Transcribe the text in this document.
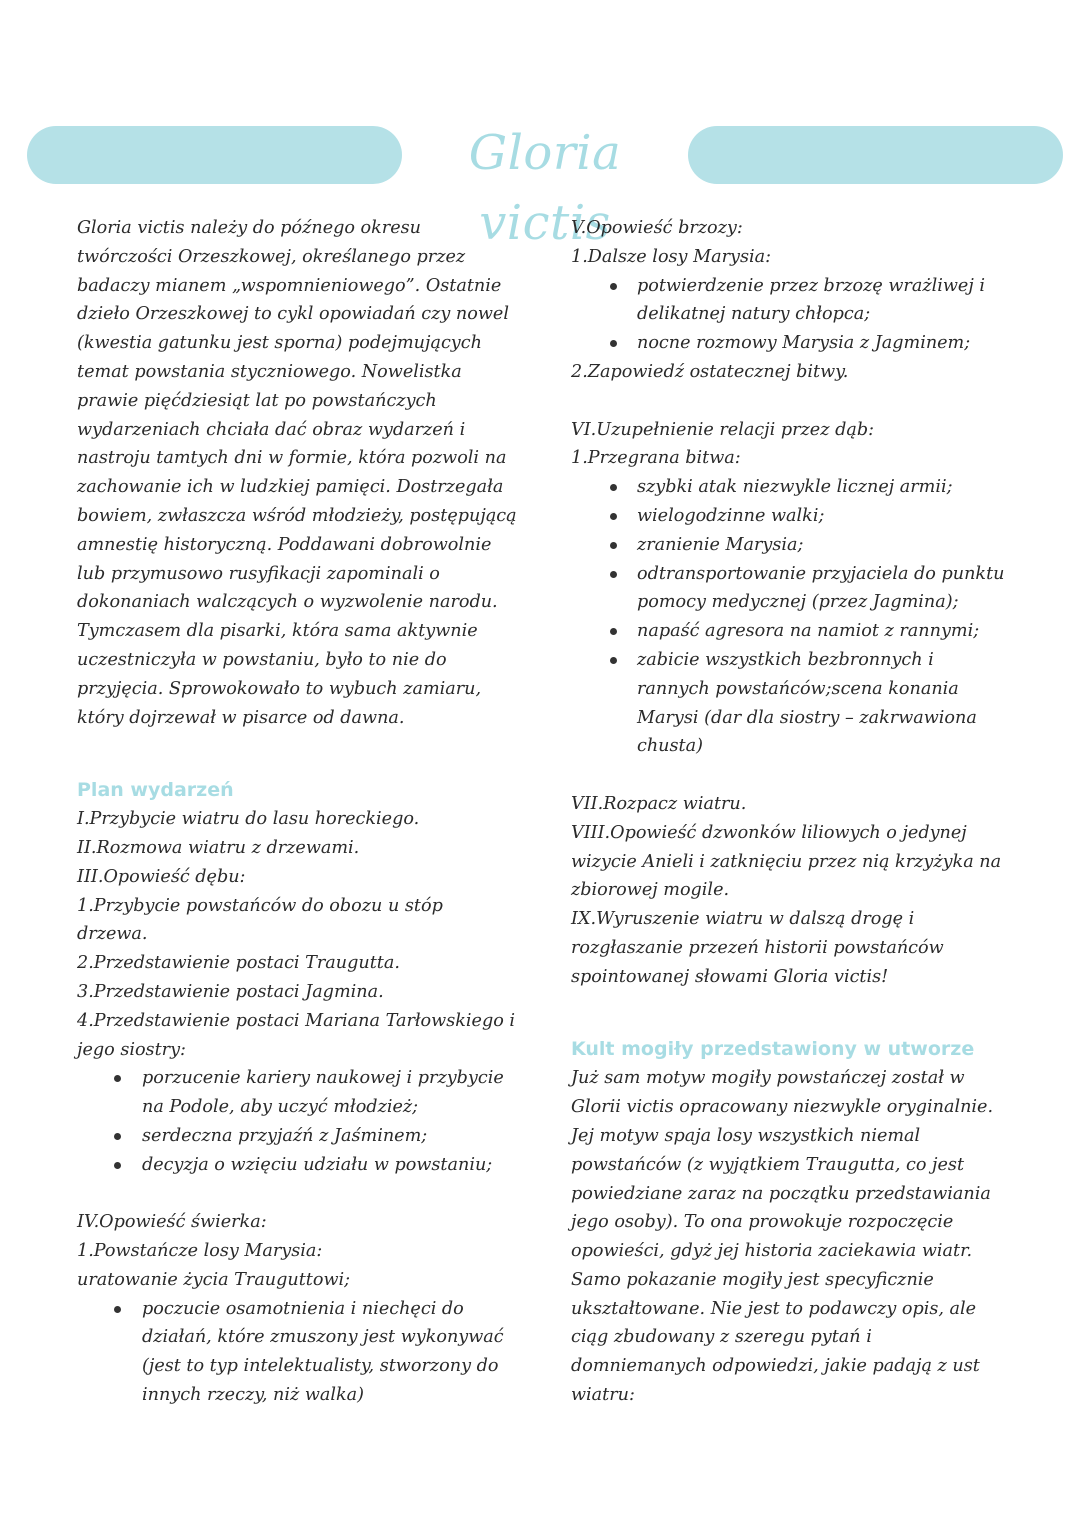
Gloria victis

Gloria victis należy do późnego okresu twórczości Orzeszkowej, określanego przez badaczy mianem „wspomnieniowego”. Ostatnie dzieło Orzeszkowej to cykl opowiadań czy nowel (kwestia gatunku jest sporna) podejmujących temat powstania styczniowego. Nowelistka prawie pięćdziesiąt lat po powstańczych wydarzeniach chciała dać obraz wydarzeń i nastroju tamtych dni w formie, która pozwoli na zachowanie ich w ludzkiej pamięci. Dostrzegała bowiem, zwłaszcza wśród młodzieży, postępującą amnestię historyczną. Poddawani dobrowolnie lub przymusowo rusyfikacji zapominali o dokonaniach walczących o wyzwolenie narodu. Tymczasem dla pisarki, która sama aktywnie uczestniczyła w powstaniu, było to nie do przyjęcia. Sprowokowało to wybuch zamiaru, który dojrzewał w pisarce od dawna.

Plan wydarzeń

I.Przybycie wiatru do lasu horeckiego.

II.Rozmowa wiatru z drzewami.

III.Opowieść dębu:

1.Przybycie powstańców do obozu u stóp drzewa.

2.Przedstawienie postaci Traugutta.

3.Przedstawienie postaci Jagmina.

4.Przedstawienie postaci Mariana Tarłowskiego i jego siostry:

porzucenie kariery naukowej i przybycie na Podole, aby uczyć młodzież;
serdeczna przyjaźń z Jaśminem;
decyzja o wzięciu udziału w powstaniu;

IV.Opowieść świerka:

1.Powstańcze losy Marysia:

uratowanie życia Trauguttowi;

poczucie osamotnienia i niechęci do działań, które zmuszony jest wykonywać (jest to typ intelektualisty, stworzony do innych rzeczy, niż walka)

V.Opowieść brzozy:

1.Dalsze losy Marysia:

potwierdzenie przez brzozę wrażliwej i delikatnej natury chłopca;
nocne rozmowy Marysia z Jagminem;

2.Zapowiedź ostatecznej bitwy.

VI.Uzupełnienie relacji przez dąb:

1.Przegrana bitwa:

szybki atak niezwykle licznej armii;
wielogodzinne walki;
zranienie Marysia;
odtransportowanie przyjaciela do punktu pomocy medycznej (przez Jagmina);
napaść agresora na namiot z rannymi;
zabicie wszystkich bezbronnych i rannych powstańców;scena konania Marysi (dar dla siostry – zakrwawiona chusta)

VII.Rozpacz wiatru.

VIII.Opowieść dzwonków liliowych o jedynej wizycie Anieli i zatknięciu przez nią krzyżyka na zbiorowej mogile.

IX.Wyruszenie wiatru w dalszą drogę i rozgłaszanie przezeń historii powstańców spointowanej słowami Gloria victis!

Kult mogiły przedstawiony w utworze

Już sam motyw mogiły powstańczej został w Glorii victis opracowany niezwykle oryginalnie. Jej motyw spaja losy wszystkich niemal powstańców (z wyjątkiem Traugutta, co jest powiedziane zaraz na początku przedstawiania jego osoby). To ona prowokuje rozpoczęcie opowieści, gdyż jej historia zaciekawia wiatr. Samo pokazanie mogiły jest specyficznie ukształtowane. Nie jest to podawczy opis, ale ciąg zbudowany z szeregu pytań i domniemanych odpowiedzi, jakie padają z ust wiatru:
